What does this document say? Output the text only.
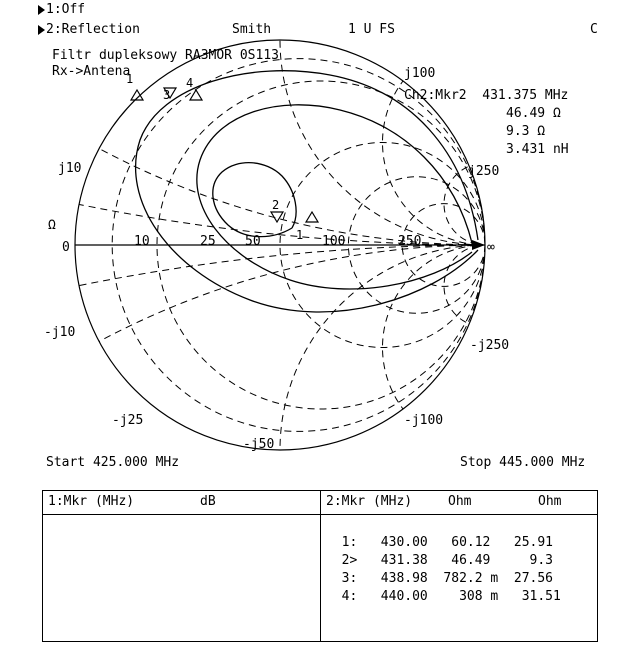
1:Off
2:Reflection	Smith	1 U FS	C
Filtr dupleksowy RA3MOR 0S113
Rx->Antena
Ch2:Mkr2  431.375 MHz
46.49 Ω
9.3 Ω
3.431 nH
j100
j250
j10
-j10
-j25
-j50
-j100
-j250
Ω
0	10	25 50	100	250	∞
1
3
4
2
1
Start 425.000 MHz	Stop 445.000 MHz
1:Mkr (MHz)	dB	2:Mkr (MHz)	Ohm	Ohm

1: 430.00 60.12 25.91

2> 431.38 46.49	9.3

3: 438.98 782.2 m 27.56

4: 440.00 308 m 31.51
